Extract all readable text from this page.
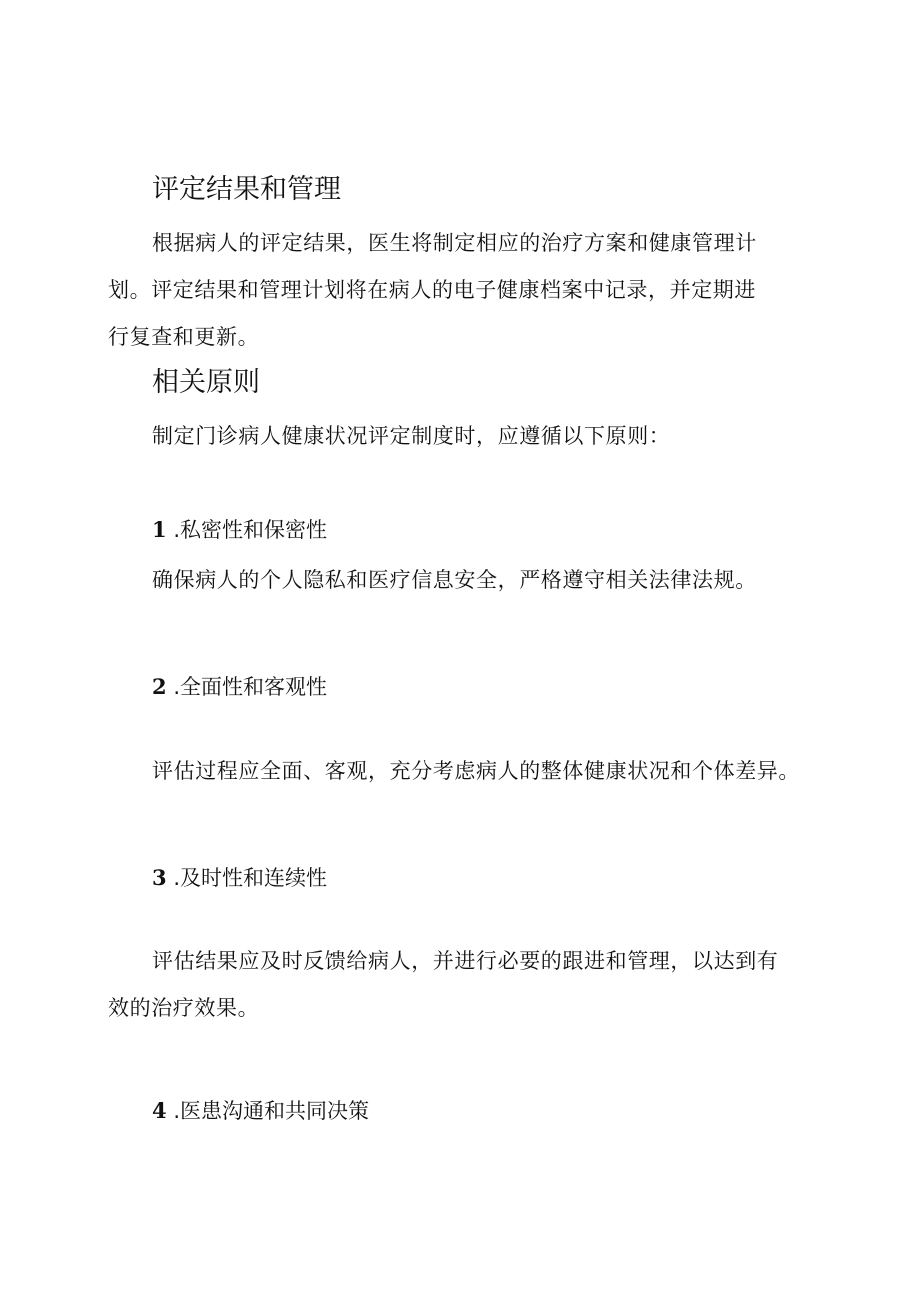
评定结果和管理

根据病人的评定结果，医生将制定相应的治疗方案和健康管理计

划。评定结果和管理计划将在病人的电子健康档案中记录，并定期进

行复查和更新。

相关原则

制定门诊病人健康状况评定制度时，应遵循以下原则：

1 .私密性和保密性

确保病人的个人隐私和医疗信息安全，严格遵守相关法律法规。

2 .全面性和客观性

评估过程应全面、客观，充分考虑病人的整体健康状况和个体差异。

3 .及时性和连续性

评估结果应及时反馈给病人，并进行必要的跟进和管理，以达到有

效的治疗效果。

4 .医患沟通和共同决策
